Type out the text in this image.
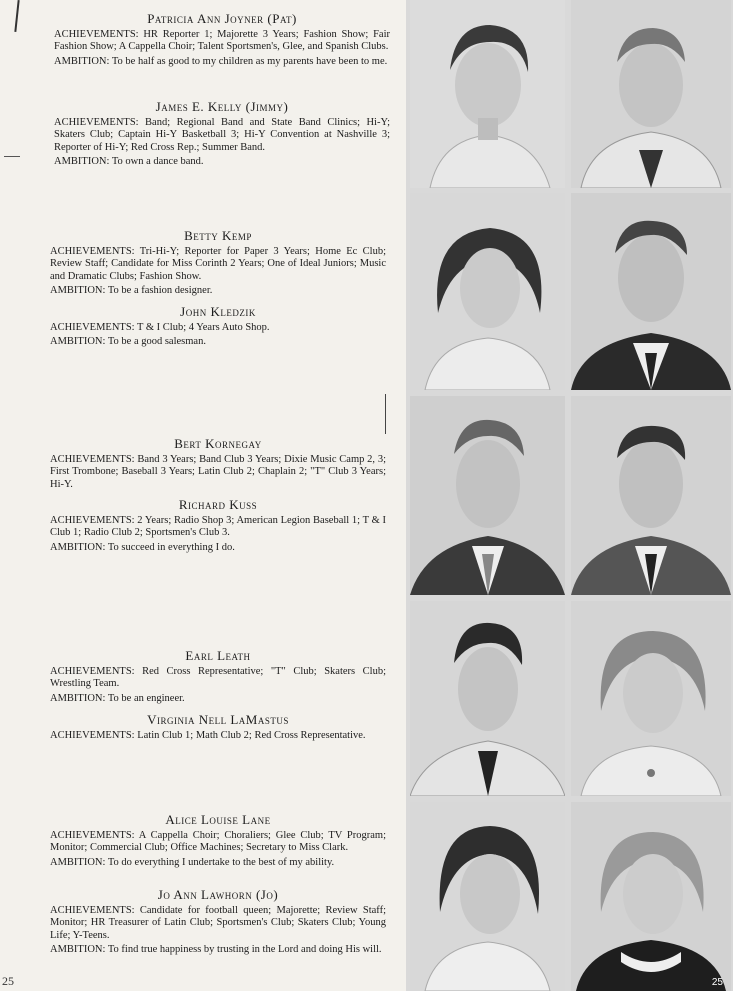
Patricia Ann Joyner (Pat)

ACHIEVEMENTS: HR Reporter 1; Majorette 3 Years; Fashion Show; Fair Fashion Show; A Cappella Choir; Talent Sportsmen's, Glee, and Spanish Clubs.

AMBITION: To be half as good to my children as my parents have been to me.

James E. Kelly (Jimmy)

ACHIEVEMENTS: Band; Regional Band and State Band Clinics; Hi-Y; Skaters Club; Captain Hi-Y Basketball 3; Hi-Y Convention at Nashville 3; Reporter of Hi-Y; Red Cross Rep.; Summer Band.

AMBITION: To own a dance band.

Betty Kemp

ACHIEVEMENTS: Tri-Hi-Y; Reporter for Paper 3 Years; Home Ec Club; Review Staff; Candidate for Miss Corinth 2 Years; One of Ideal Juniors; Music and Dramatic Clubs; Fashion Show.

AMBITION: To be a fashion designer.

John Kledzik

ACHIEVEMENTS: T & I Club; 4 Years Auto Shop.

AMBITION: To be a good salesman.

Bert Kornegay

ACHIEVEMENTS: Band 3 Years; Band Club 3 Years; Dixie Music Camp 2, 3; First Trombone; Baseball 3 Years; Latin Club 2; Chaplain 2; "T" Club 3 Years; Hi-Y.

Richard Kuss

ACHIEVEMENTS: 2 Years; Radio Shop 3; American Legion Baseball 1; T & I Club 1; Radio Club 2; Sportsmen's Club 3.

AMBITION: To succeed in everything I do.

Earl Leath

ACHIEVEMENTS: Red Cross Representative; "T" Club; Skaters Club; Wrestling Team.

AMBITION: To be an engineer.

Virginia Nell LaMastus

ACHIEVEMENTS: Latin Club 1; Math Club 2; Red Cross Representative.

Alice Louise Lane

ACHIEVEMENTS: A Cappella Choir; Choraliers; Glee Club; TV Program; Monitor; Commercial Club; Office Machines; Secretary to Miss Clark.

AMBITION: To do everything I undertake to the best of my ability.

Jo Ann Lawhorn (Jo)

ACHIEVEMENTS: Candidate for football queen; Majorette; Review Staff; Monitor; HR Treasurer of Latin Club; Sportsmen's Club; Skaters Club; Young Life; Y-Teens.

AMBITION: To find true happiness by trusting in the Lord and doing His will.

25
25
